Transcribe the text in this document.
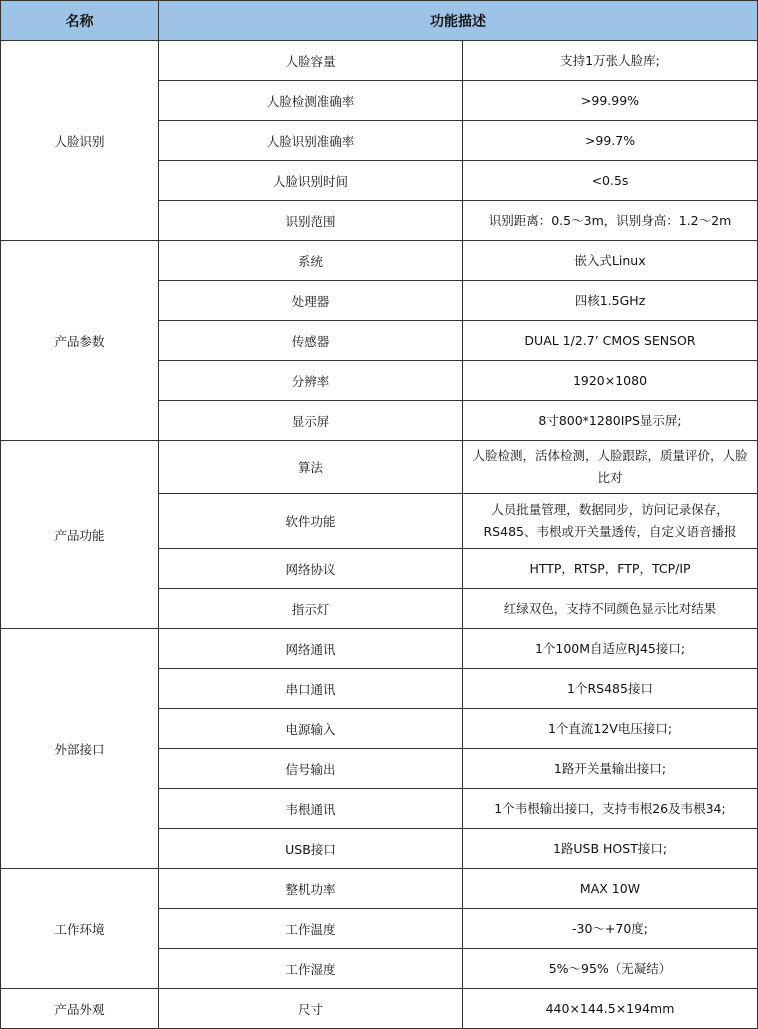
名称	功能描述	
人脸识别	人脸容量	支持1万张人脸库;
	人脸检测准确率	>99.99%
	人脸识别准确率	>99.7%
	人脸识别时间	<0.5s
	识别范围	识别距离：0.5～3m，识别身高：1.2～2m
产品参数	系统	嵌入式Linux
	处理器	四核1.5GHz
	传感器	DUAL 1/2.7’ CMOS SENSOR
	分辨率	1920×1080
	显示屏	8寸800*1280IPS显示屏;
产品功能	算法	人脸检测，活体检测，人脸跟踪，质量评价，人脸比对
	软件功能	人员批量管理，数据同步，访问记录保存，RS485、韦根或开关量透传，自定义语音播报
	网络协议	HTTP，RTSP，FTP，TCP/IP
	指示灯	红绿双色，支持不同颜色显示比对结果
外部接口	网络通讯	1个100M自适应RJ45接口;
	串口通讯	1个RS485接口
	电源输入	1个直流12V电压接口;
	信号输出	1路开关量输出接口;
	韦根通讯	1个韦根输出接口，支持韦根26及韦根34;
	USB接口	1路USB HOST接口;
工作环境	整机功率	MAX 10W
	工作温度	-30～+70度;
	工作湿度	5%～95%（无凝结）
产品外观	尺寸	440×144.5×194mm
